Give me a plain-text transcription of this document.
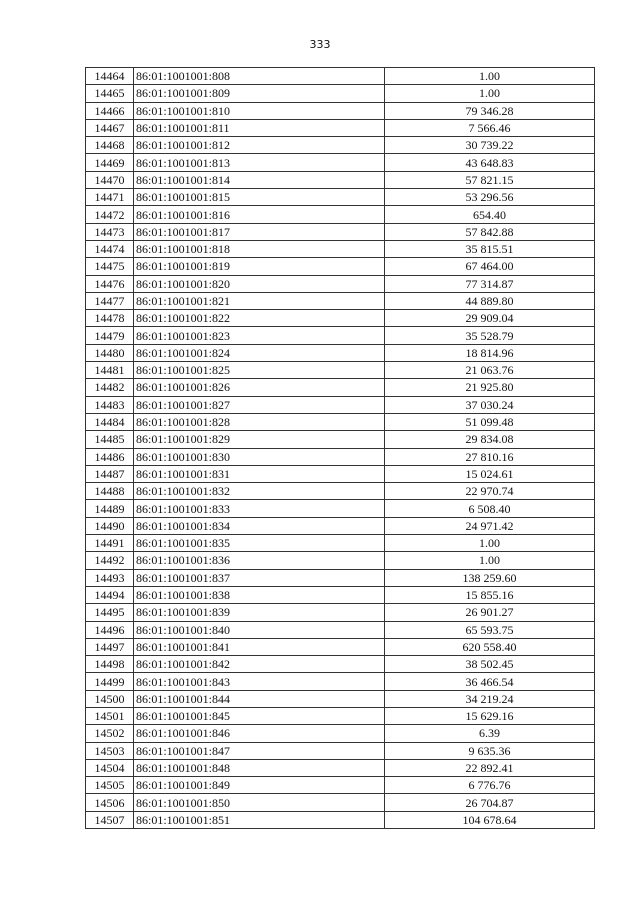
333
14464	86:01:1001001:808	1.00
14465	86:01:1001001:809	1.00
14466	86:01:1001001:810	79 346.28
14467	86:01:1001001:811	7 566.46
14468	86:01:1001001:812	30 739.22
14469	86:01:1001001:813	43 648.83
14470	86:01:1001001:814	57 821.15
14471	86:01:1001001:815	53 296.56
14472	86:01:1001001:816	654.40
14473	86:01:1001001:817	57 842.88
14474	86:01:1001001:818	35 815.51
14475	86:01:1001001:819	67 464.00
14476	86:01:1001001:820	77 314.87
14477	86:01:1001001:821	44 889.80
14478	86:01:1001001:822	29 909.04
14479	86:01:1001001:823	35 528.79
14480	86:01:1001001:824	18 814.96
14481	86:01:1001001:825	21 063.76
14482	86:01:1001001:826	21 925.80
14483	86:01:1001001:827	37 030.24
14484	86:01:1001001:828	51 099.48
14485	86:01:1001001:829	29 834.08
14486	86:01:1001001:830	27 810.16
14487	86:01:1001001:831	15 024.61
14488	86:01:1001001:832	22 970.74
14489	86:01:1001001:833	6 508.40
14490	86:01:1001001:834	24 971.42
14491	86:01:1001001:835	1.00
14492	86:01:1001001:836	1.00
14493	86:01:1001001:837	138 259.60
14494	86:01:1001001:838	15 855.16
14495	86:01:1001001:839	26 901.27
14496	86:01:1001001:840	65 593.75
14497	86:01:1001001:841	620 558.40
14498	86:01:1001001:842	38 502.45
14499	86:01:1001001:843	36 466.54
14500	86:01:1001001:844	34 219.24
14501	86:01:1001001:845	15 629.16
14502	86:01:1001001:846	6.39
14503	86:01:1001001:847	9 635.36
14504	86:01:1001001:848	22 892.41
14505	86:01:1001001:849	6 776.76
14506	86:01:1001001:850	26 704.87
14507	86:01:1001001:851	104 678.64
